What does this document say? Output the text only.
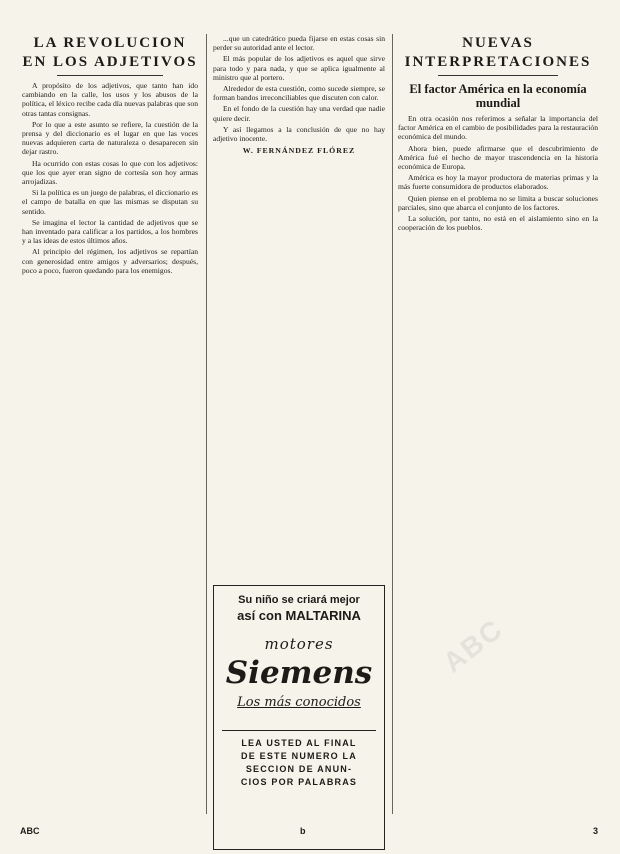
LA REVOLUCION EN LOS ADJETIVOS

A propósito de los adjetivos, que tanto han ido cambiando en la calle, los usos y los abusos de la política, el léxico recibe cada día nuevas palabras que son otras tantas consignas.

Por lo que a este asunto se refiere, la cuestión de la prensa y del diccionario es el lugar en que las voces nuevas adquieren carta de naturaleza o desaparecen sin dejar rastro.

Ha ocurrido con estas cosas lo que con los adjetivos: que los que ayer eran signo de cortesía son hoy armas arrojadizas.

Si la política es un juego de palabras, el diccionario es el campo de batalla en que las mismas se disputan su sentido.

Se imagina el lector la cantidad de adjetivos que se han inventado para calificar a los partidos, a los hombres y a las ideas de estos últimos años.

Al principio del régimen, los adjetivos se repartían con generosidad entre amigos y adversarios; después, poco a poco, fueron quedando para los enemigos.

...que un catedrático pueda fijarse en estas cosas sin perder su autoridad ante el lector.

El más popular de los adjetivos es aquel que sirve para todo y para nada, y que se aplica igualmente al ministro que al portero.

Alrededor de esta cuestión, como sucede siempre, se forman bandos irreconciliables que discuten con calor.

En el fondo de la cuestión hay una verdad que nadie quiere decir.

Y así llegamos a la conclusión de que no hay adjetivo inocente.

W. FERNÁNDEZ FLÓREZ

Su niño se criará mejor
así con MALTARINA
motores
Siemens
Los más conocidos
LEA USTED AL FINAL
DE ESTE NUMERO LA
SECCION DE ANUN-
CIOS POR PALABRAS
NUEVAS INTERPRETACIONES
El factor América en la economía mundial

En otra ocasión nos referimos a señalar la importancia del factor América en el cambio de posibilidades para la restauración económica del mundo.

Ahora bien, puede afirmarse que el descubrimiento de América fué el hecho de mayor trascendencia en la historia económica de Europa.

América es hoy la mayor productora de materias primas y la más fuerte consumidora de productos elaborados.

Quien piense en el problema no se limita a buscar soluciones parciales, sino que abarca el conjunto de los factores.

La solución, por tanto, no está en el aislamiento sino en la cooperación de los pueblos.

ABC
ABC	b	3
